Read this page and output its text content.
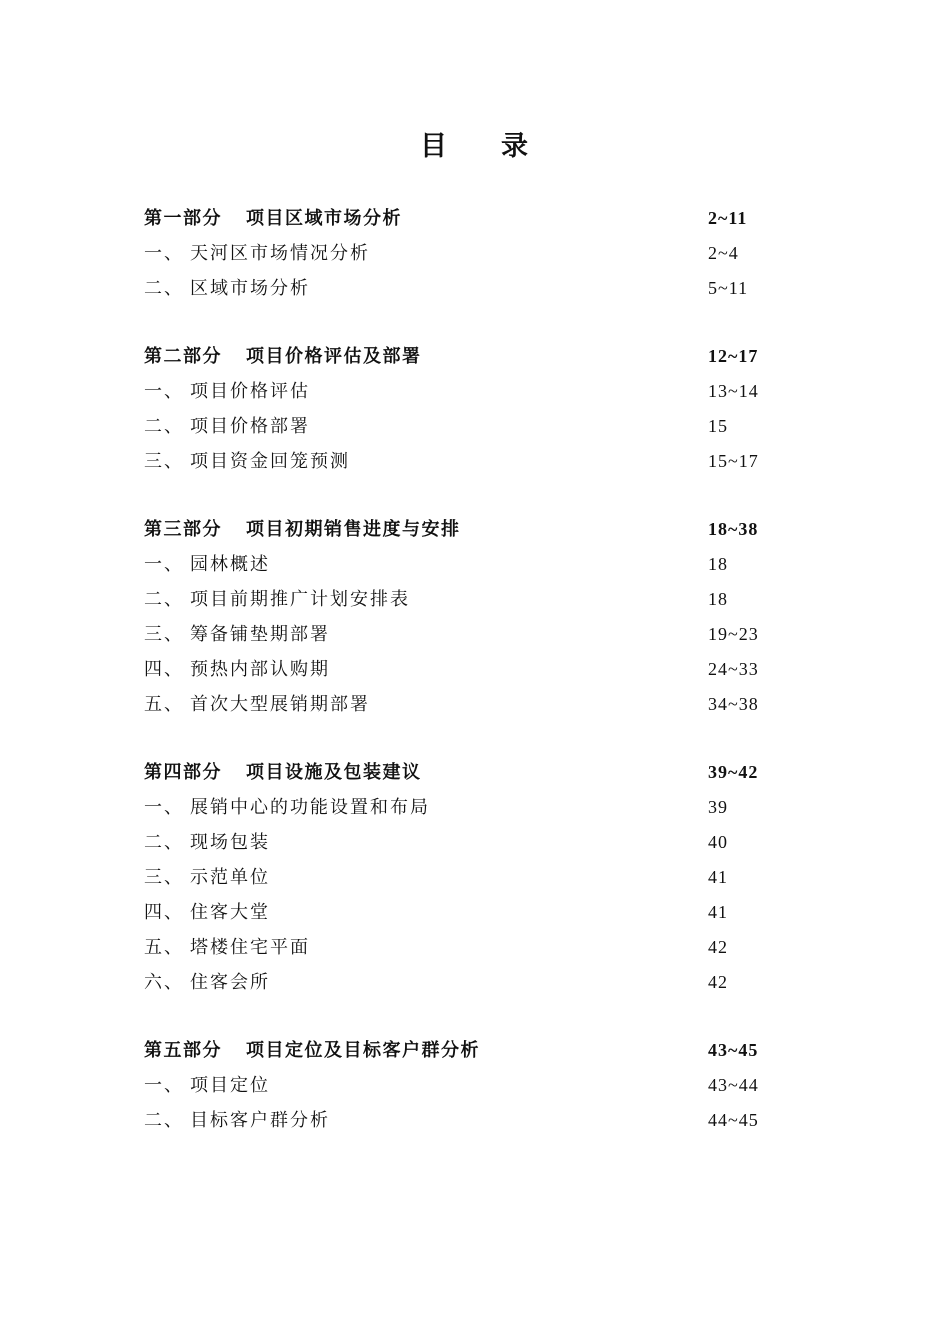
目 录
第一部分 项目区域市场分析	2~11
一、 天河区市场情况分析	2~4
二、 区域市场分析	5~11
第二部分 项目价格评估及部署	12~17
一、 项目价格评估	13~14
二、 项目价格部署	15
三、 项目资金回笼预测	15~17
第三部分 项目初期销售进度与安排	18~38
一、 园林概述	18
二、 项目前期推广计划安排表	18
三、 筹备铺垫期部署	19~23
四、 预热内部认购期	24~33
五、 首次大型展销期部署	34~38
第四部分 项目设施及包装建议	39~42
一、 展销中心的功能设置和布局	39
二、 现场包装	40
三、 示范单位	41
四、 住客大堂	41
五、 塔楼住宅平面	42
六、 住客会所	42
第五部分 项目定位及目标客户群分析	43~45
一、 项目定位	43~44
二、 目标客户群分析	44~45
